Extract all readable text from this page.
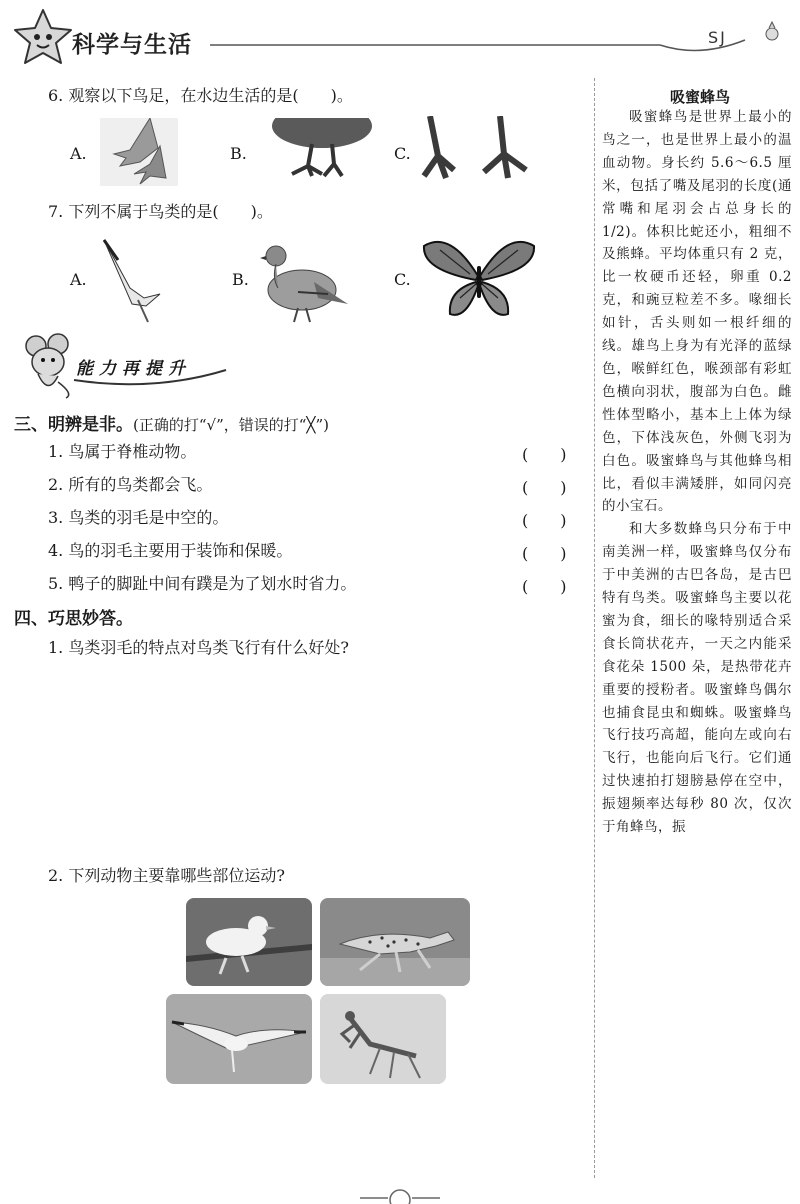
科学与生活	SJ
6. 观察以下鸟足，在水边生活的是(　　)。
A.	B.	C.
7. 下列不属于鸟类的是(　　)。
A.	B.	C.
能力再提升
三、明辨是非。(正确的打“√”，错误的打“╳”)
1. 鸟属于脊椎动物。	(　　)
2. 所有的鸟类都会飞。	(　　)
3. 鸟类的羽毛是中空的。	(　　)
4. 鸟的羽毛主要用于装饰和保暖。	(　　)
5. 鸭子的脚趾中间有蹼是为了划水时省力。	(　　)
四、巧思妙答。
1. 鸟类羽毛的特点对鸟类飞行有什么好处?
2. 下列动物主要靠哪些部位运动?
吸蜜蜂鸟

吸蜜蜂鸟是世界上最小的鸟之一，也是世界上最小的温血动物。身长约 5.6～6.5 厘米，包括了嘴及尾羽的长度(通常嘴和尾羽会占总身长的 1/2)。体积比蛇还小，粗细不及熊蜂。平均体重只有 2 克，比一枚硬币还轻，卵重 0.2 克，和豌豆粒差不多。喙细长如针，舌头则如一根纤细的线。雄鸟上身为有光泽的蓝绿色，喉鲜红色，喉颈部有彩虹色横向羽状，腹部为白色。雌性体型略小，基本上上体为绿色，下体浅灰色，外侧飞羽为白色。吸蜜蜂鸟与其他蜂鸟相比，看似丰满矮胖，如同闪亮的小宝石。

和大多数蜂鸟只分布于中南美洲一样，吸蜜蜂鸟仅分布于中美洲的古巴各岛，是古巴特有鸟类。吸蜜蜂鸟主要以花蜜为食，细长的喙特别适合采食长筒状花卉，一天之内能采食花朵 1500 朵，是热带花卉重要的授粉者。吸蜜蜂鸟偶尔也捕食昆虫和蜘蛛。吸蜜蜂鸟飞行技巧高超，能向左或向右飞行，也能向后飞行。它们通过快速拍打翅膀悬停在空中，振翅频率达每秒 80 次，仅次于角蜂鸟，振
